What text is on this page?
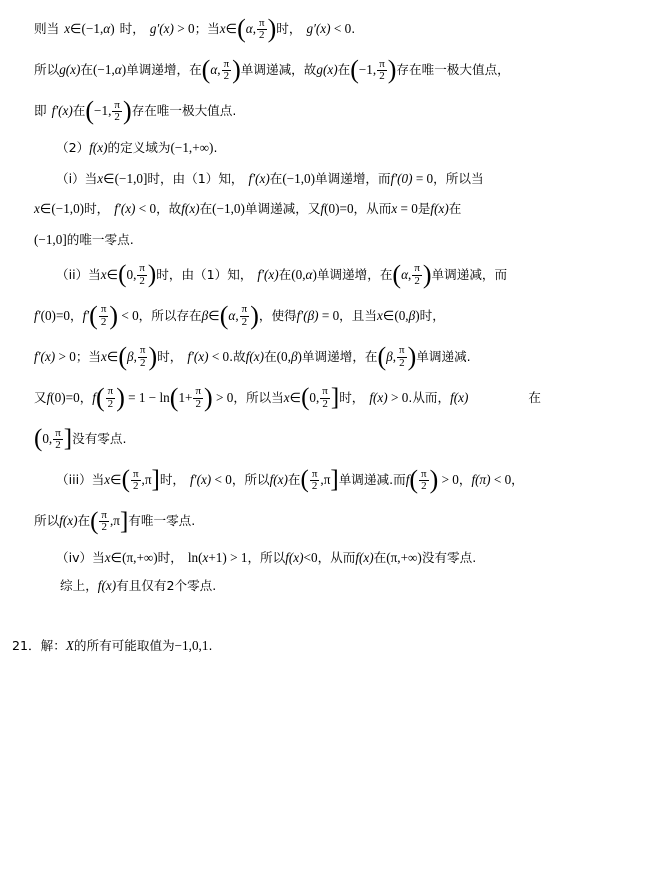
则当 x∈(−1,α) 时， g′(x) > 0；当x∈(α, $\frac{\pi}{2}$ )时， g′(x) < 0.
所以g(x)在(−1,α)单调递增，在(α, $\frac{\pi}{2}$ )单调递减，故g(x)在(−1, $\frac{\pi}{2}$ )存在唯一极大值点，
即 f′(x)在(−1, $\frac{\pi}{2}$ )存在唯一极大值点.
（2）f(x)的定义域为(−1,+∞).
（i）当x∈(−1,0]时，由（1）知， f′(x)在(−1,0)单调递增，而f′(0) = 0，所以当
x∈(−1,0)时， f′(x) < 0，故f(x)在(−1,0)单调递减，又f(0)=0，从而x = 0是f(x)在
(−1,0]的唯一零点.
（ii）当x∈(0, $\frac{\pi}{2}$ )时，由（1）知， f′(x)在(0,α)单调递增，在(α, $\frac{\pi}{2}$ )单调递减，而
f′(0)=0，$f'( \frac{\pi}{2}$ ) < 0，所以存在β∈(α, $\frac{\pi}{2}$ )，使得f′(β) = 0，且当x∈(0,β)时，
f′(x) > 0；当x∈(β, $\frac{\pi}{2}$ )时， f′(x) < 0.故f(x)在(0,β)单调递增，在(β, $\frac{\pi}{2}$ )单调递减.
又f(0)=0，$f( \frac{\pi}{2}$ ) = $1 - \ln(1+ \frac{\pi}{2}$ ) > 0，所以当x∈(0, $\frac{\pi}{2}$ ]时， f(x) > 0.从而，f(x)	在
(0, $\frac{\pi}{2}$ ]没有零点.
（iii）当x∈( $\frac{\pi}{2} ,\pi$]时， f′(x) < 0，所以f(x)在( $\frac{\pi}{2} ,\pi$]单调递减.而$f( \frac{\pi}{2}$ ) > 0，f(π) < 0，
所以f(x)在( $\frac{\pi}{2} ,\pi$]有唯一零点.
（iv）当x∈(π,+∞)时， ln(x+1) > 1，所以f(x)<0，从而f(x)在(π,+∞)没有零点.
综上，f(x)有且仅有2个零点.
21．解：X的所有可能取值为−1,0,1.
